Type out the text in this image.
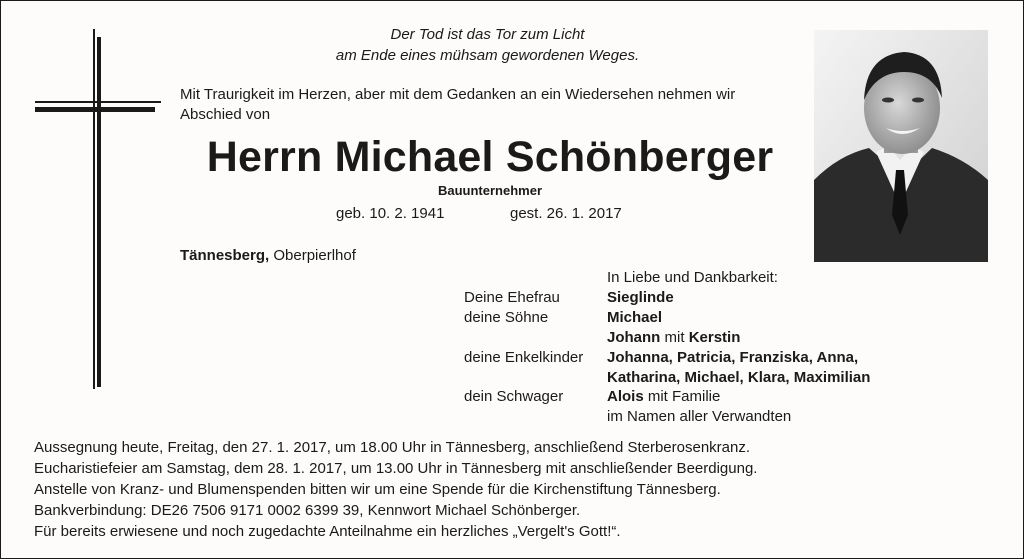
Der Tod ist das Tor zum Licht
am Ende eines mühsam gewordenen Weges.
Mit Traurigkeit im Herzen, aber mit dem Gedanken an ein Wiedersehen nehmen wir
Abschied von
Herrn Michael Schönberger
Bauunternehmer
geb. 10. 2. 1941	gest. 26. 1. 2017
Tännesberg, Oberpierlhof
In Liebe und Dankbarkeit:
Deine Ehefrau	Sieglinde
deine Söhne	Michael
Johann mit Kerstin
deine Enkelkinder Johanna, Patricia, Franziska, Anna,
Katharina, Michael, Klara, Maximilian
dein Schwager	Alois mit Familie
im Namen aller Verwandten
Aussegnung heute, Freitag, den 27. 1. 2017, um 18.00 Uhr in Tännesberg, anschließend Sterberosenkranz.
Eucharistiefeier am Samstag, dem 28. 1. 2017, um 13.00 Uhr in Tännesberg mit anschließender Beerdigung.
Anstelle von Kranz- und Blumenspenden bitten wir um eine Spende für die Kirchenstiftung Tännesberg.
Bankverbindung: DE26 7506 9171 0002 6399 39, Kennwort Michael Schönberger.
Für bereits erwiesene und noch zugedachte Anteilnahme ein herzliches „Vergelt's Gott!“.
